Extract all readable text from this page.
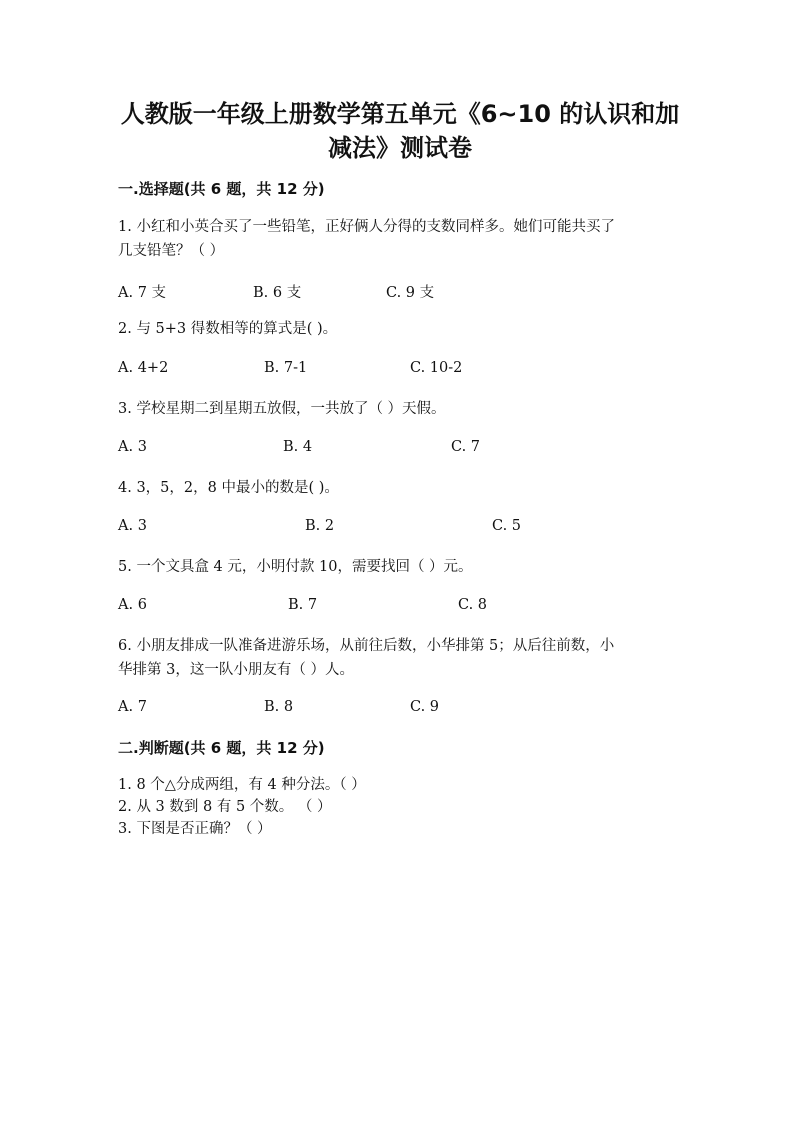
人教版一年级上册数学第五单元《6~10 的认识和加
减法》测试卷
一.选择题(共 6 题，共 12 分)
1. 小红和小英合买了一些铅笔，正好俩人分得的支数同样多。她们可能共买了
几支铅笔？（ ）
A. 7 支	B. 6 支	C. 9 支
2. 与 5+3 得数相等的算式是( )。
A. 4+2	B. 7-1	C. 10-2
3. 学校星期二到星期五放假，一共放了（ ）天假。
A. 3	B. 4	C. 7
4. 3，5，2，8 中最小的数是( )。
A. 3	B. 2	C. 5
5. 一个文具盒 4 元，小明付款 10，需要找回（ ）元。
A. 6	B. 7	C. 8
6. 小朋友排成一队准备进游乐场，从前往后数，小华排第 5；从后往前数，小
华排第 3，这一队小朋友有（ ）人。
A. 7	B. 8	C. 9
二.判断题(共 6 题，共 12 分)
1. 8 个△分成两组，有 4 种分法。（ ）
2. 从 3 数到 8 有 5 个数。 （ ）
3. 下图是否正确？（ ）
